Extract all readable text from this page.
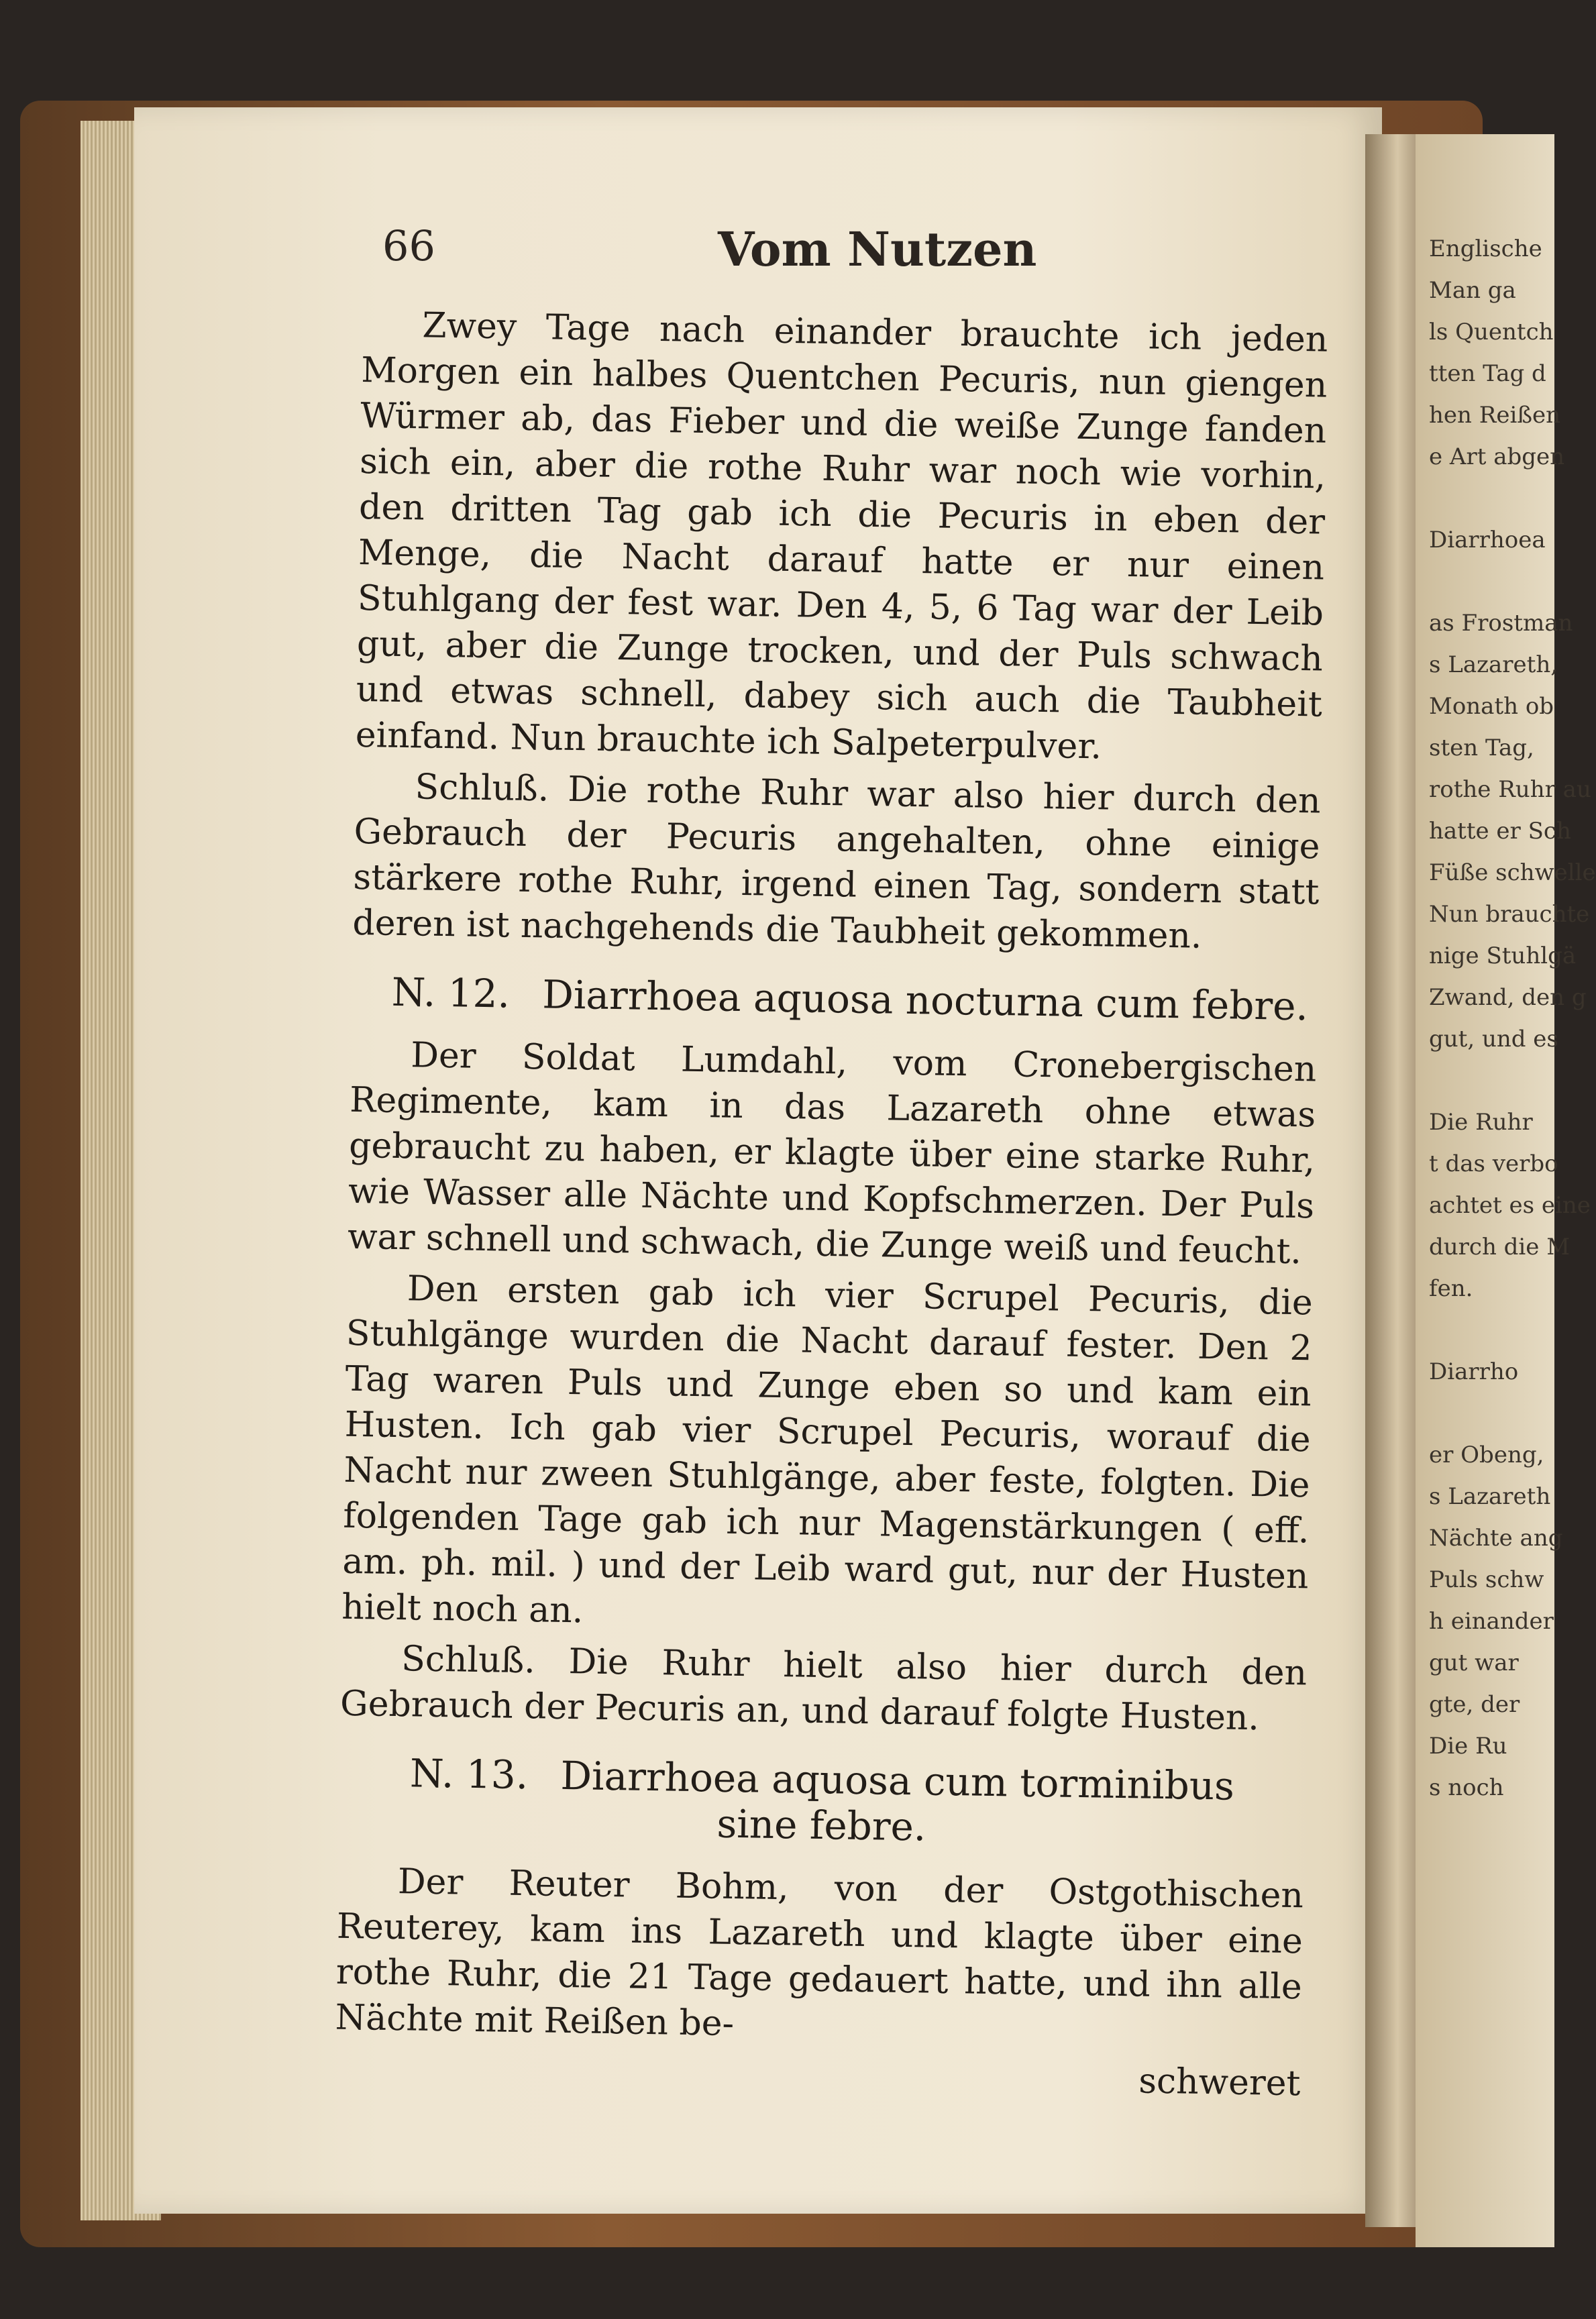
Englische
Man ga
ls Quentch
tten Tag d
hen Reißen
e Art abgen

Diarrhoea

as Frostman
s Lazareth,
Monath ob
sten Tag,
rothe Ruhr au
hatte er Sch
Füße schwelle
Nun brauchte
nige Stuhlgä
Zwand, den g
gut, und es

Die Ruhr
t das verbo
achtet es eine
durch die M
fen.

Diarrho

er Obeng,
s Lazareth
Nächte ang
Puls schw
h einander
gut war
gte, der
Die Ru
s noch
66	Vom Nutzen

Zwey Tage nach einander brauchte ich jeden Morgen ein halbes Quentchen Pecuris, nun giengen Würmer ab, das Fieber und die weiße Zunge fanden sich ein, aber die rothe Ruhr war noch wie vorhin, den dritten Tag gab ich die Pecuris in eben der Menge, die Nacht darauf hatte er nur einen Stuhlgang der fest war. Den 4, 5, 6 Tag war der Leib gut, aber die Zunge trocken, und der Puls schwach und etwas schnell, dabey sich auch die Taubheit einfand. Nun brauchte ich Salpeterpulver.

Schluß. Die rothe Ruhr war also hier durch den Gebrauch der Pecuris angehalten, ohne einige stärkere rothe Ruhr, irgend einen Tag, sondern statt deren ist nachgehends die Taubheit gekommen.

N. 12. Diarrhoea aquosa nocturna cum febre.

Der Soldat Lumdahl, vom Cronebergischen Regimente, kam in das Lazareth ohne etwas gebraucht zu haben, er klagte über eine starke Ruhr, wie Wasser alle Nächte und Kopfschmerzen. Der Puls war schnell und schwach, die Zunge weiß und feucht.

Den ersten gab ich vier Scrupel Pecuris, die Stuhlgänge wurden die Nacht darauf fester. Den 2 Tag waren Puls und Zunge eben so und kam ein Husten. Ich gab vier Scrupel Pecuris, worauf die Nacht nur zween Stuhlgänge, aber feste, folgten. Die folgenden Tage gab ich nur Magenstärkungen ( eff. am. ph. mil. ) und der Leib ward gut, nur der Husten hielt noch an.

Schluß. Die Ruhr hielt also hier durch den Gebrauch der Pecuris an, und darauf folgte Husten.

N. 13. Diarrhoea aquosa cum torminibus
sine febre.

Der Reuter Bohm, von der Ostgothischen Reuterey, kam ins Lazareth und klagte über eine rothe Ruhr, die 21 Tage gedauert hatte, und ihn alle Nächte mit Reißen be-

schweret
